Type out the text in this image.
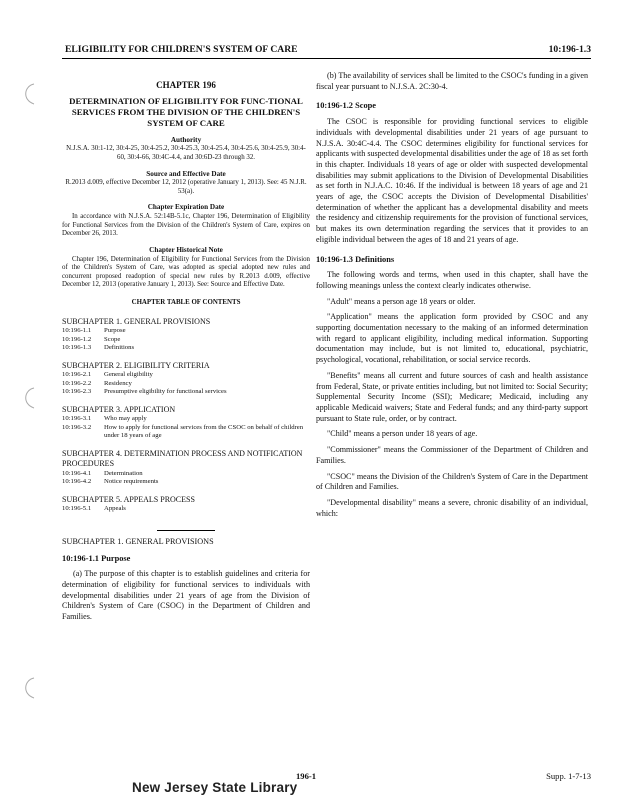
ELIGIBILITY FOR CHILDREN'S SYSTEM OF CARE	10:196-1.3
CHAPTER 196
DETERMINATION OF ELIGIBILITY FOR FUNC-TIONAL SERVICES FROM THE DIVISION OF THE CHILDREN'S SYSTEM OF CARE
Authority
N.J.S.A. 30:1-12, 30:4-25, 30:4-25.2, 30:4-25.3, 30:4-25.4, 30:4-25.6, 30:4-25.9, 30:4-60, 30:4-66, 30:4C-4.4, and 30:6D-23 through 32.
Source and Effective Date
R.2013 d.009, effective December 12, 2012 (operative January 1, 2013). See: 45 N.J.R. 53(a).
Chapter Expiration Date
In accordance with N.J.S.A. 52:14B-5.1c, Chapter 196, Determination of Eligibility for Functional Services from the Division of the Children's System of Care, expires on December 26, 2013.
Chapter Historical Note
Chapter 196, Determination of Eligibility for Functional Services from the Division of the Children's System of Care, was adopted as special adopted new rules and concurrent proposed readoption of special new rules by R.2013 d.009, effective December 12, 2013 (operative January 1, 2013). See: Source and Effective Date.
CHAPTER TABLE OF CONTENTS
SUBCHAPTER 1. GENERAL PROVISIONS
10:196-1.1	Purpose
10:196-1.2	Scope
10:196-1.3	Definitions
SUBCHAPTER 2. ELIGIBILITY CRITERIA
10:196-2.1	General eligibility
10:196-2.2	Residency
10:196-2.3	Presumptive eligibility for functional services
SUBCHAPTER 3. APPLICATION
10:196-3.1	Who may apply
10:196-3.2	How to apply for functional services from the CSOC on behalf of children under 18 years of age
SUBCHAPTER 4. DETERMINATION PROCESS AND NOTIFICATION PROCEDURES
10:196-4.1	Determination
10:196-4.2	Notice requirements
SUBCHAPTER 5. APPEALS PROCESS
10:196-5.1	Appeals
SUBCHAPTER 1. GENERAL PROVISIONS
10:196-1.1 Purpose

(a) The purpose of this chapter is to establish guidelines and criteria for determination of eligibility for functional services to individuals with developmental disabilities under 21 years of age from the Division of Children's System of Care (CSOC) in the Department of Children and Families.

(b) The availability of services shall be limited to the CSOC's funding in a given fiscal year pursuant to N.J.S.A. 2C:30-4.

10:196-1.2 Scope

The CSOC is responsible for providing functional services to eligible individuals with developmental disabilities under 21 years of age pursuant to N.J.S.A. 30:4C-4.4. The CSOC determines eligibility for functional services for applicants with suspected developmental disabilities under the age of 18 as set forth in this chapter. Individuals 18 years of age or older with suspected developmental disabilities may submit applications to the Division of Developmental Disabilities as set forth in N.J.A.C. 10:46. If the individual is between 18 years of age and 21 years of age, the CSOC accepts the Division of Developmental Disabilities' determination of whether the applicant has a developmental disability and meets the residency and citizenship requirements for the provision of functional services, but makes its own determination regarding the services that it provides to an eligible individual between the ages of 18 and 21 years of age.

10:196-1.3 Definitions

The following words and terms, when used in this chapter, shall have the following meanings unless the context clearly indicates otherwise.

"Adult" means a person age 18 years or older.

"Application" means the application form provided by CSOC and any supporting documentation necessary to the making of an informed determination with regard to applicant eligibility, including medical information. Supporting documentation may include, but is not limited to, educational, psychiatric, psychological, vocational, rehabilitation, or social service records.

"Benefits" means all current and future sources of cash and health assistance from Federal, State, or private entities including, but not limited to: Social Security; Supplemental Security Income (SSI); Medicare; Medicaid, including any applicable Medicaid waivers; State and Federal funds; and any third-party support pursuant to State rule, order, or by contract.

"Child" means a person under 18 years of age.

"Commissioner" means the Commissioner of the Department of Children and Families.

"CSOC" means the Division of the Children's System of Care in the Department of Children and Families.

"Developmental disability" means a severe, chronic disability of an individual, which:

196-1	Supp. 1-7-13
New Jersey State Library
